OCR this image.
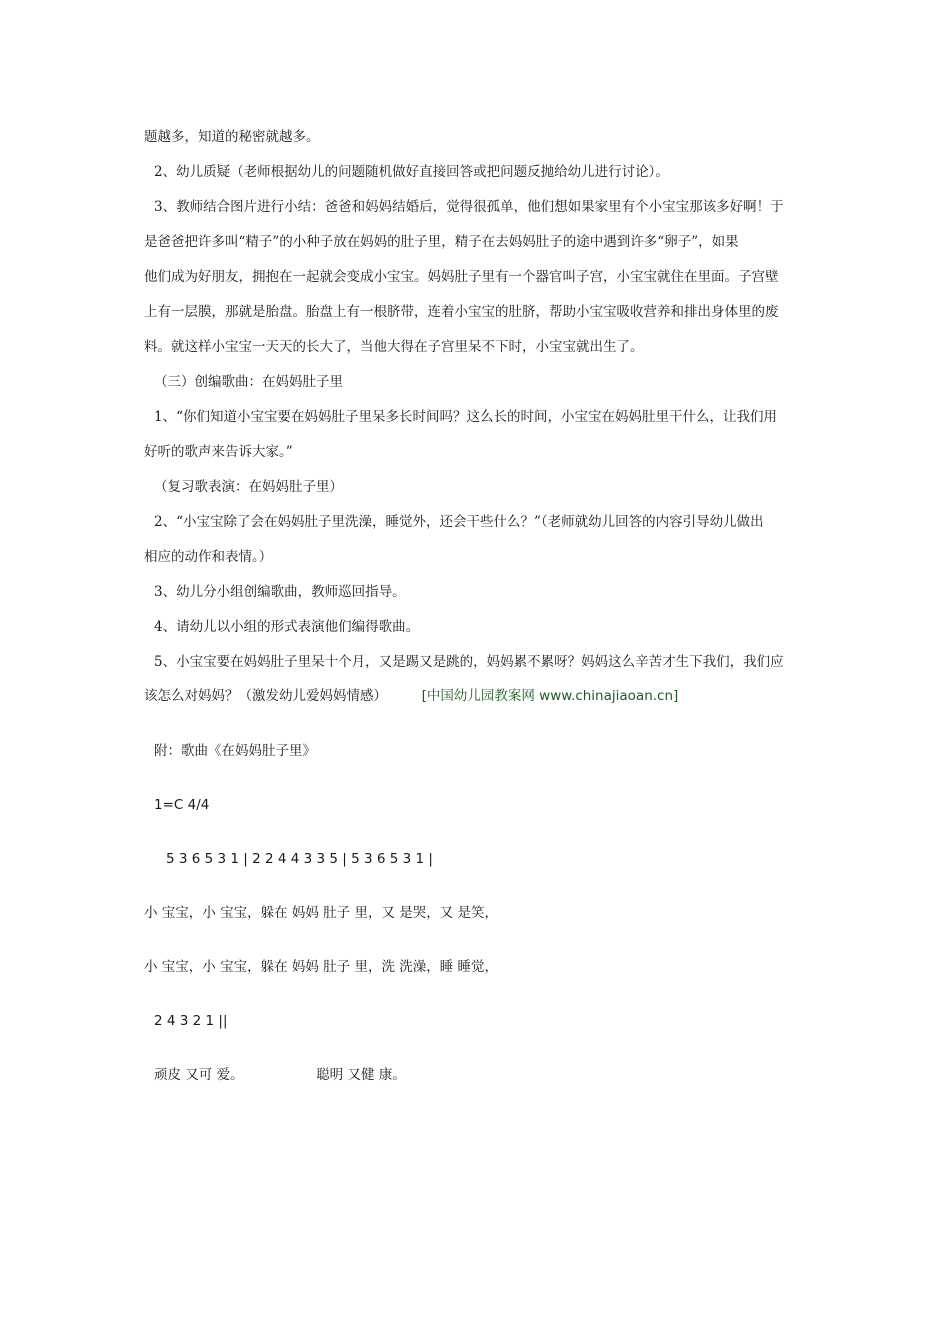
题越多，知道的秘密就越多。
2、幼儿质疑（老师根据幼儿的问题随机做好直接回答或把问题反抛给幼儿进行讨论）。
3、教师结合图片进行小结：爸爸和妈妈结婚后，觉得很孤单，他们想如果家里有个小宝宝那该多好啊！于
是爸爸把许多叫“精子”的小种子放在妈妈的肚子里，精子在去妈妈肚子的途中遇到许多“卵子”，如果
他们成为好朋友，拥抱在一起就会变成小宝宝。妈妈肚子里有一个器官叫子宫，小宝宝就住在里面。子宫壁
上有一层膜，那就是胎盘。胎盘上有一根脐带，连着小宝宝的肚脐，帮助小宝宝吸收营养和排出身体里的废
料。就这样小宝宝一天天的长大了，当他大得在子宫里呆不下时，小宝宝就出生了。
（三）创编歌曲：在妈妈肚子里
1、“你们知道小宝宝要在妈妈肚子里呆多长时间吗？这么长的时间，小宝宝在妈妈肚里干什么，让我们用
好听的歌声来告诉大家。”
（复习歌表演：在妈妈肚子里）
2、“小宝宝除了会在妈妈肚子里洗澡，睡觉外，还会干些什么？”（老师就幼儿回答的内容引导幼儿做出
相应的动作和表情。）
3、幼儿分小组创编歌曲，教师巡回指导。
4、请幼儿以小组的形式表演他们编得歌曲。
5、小宝宝要在妈妈肚子里呆十个月，又是踢又是跳的，妈妈累不累呀？妈妈这么辛苦才生下我们，我们应
该怎么对妈妈？（激发幼儿爱妈妈情感）	[中国幼儿园教案网 www.chinajiaoan.cn]
附：歌曲《在妈妈肚子里》
1=C 4/4
5 3 6 5 3 1 | 2 2 4 4 3 3 5 | 5 3 6 5 3 1 |
小 宝宝，小 宝宝，躲在 妈妈 肚子 里，又 是哭，又 是笑，
小 宝宝，小 宝宝，躲在 妈妈 肚子 里，洗 洗澡，睡 睡觉，
2 4 3 2 1 ||
顽皮 又可 爱。	聪明 又健 康。
